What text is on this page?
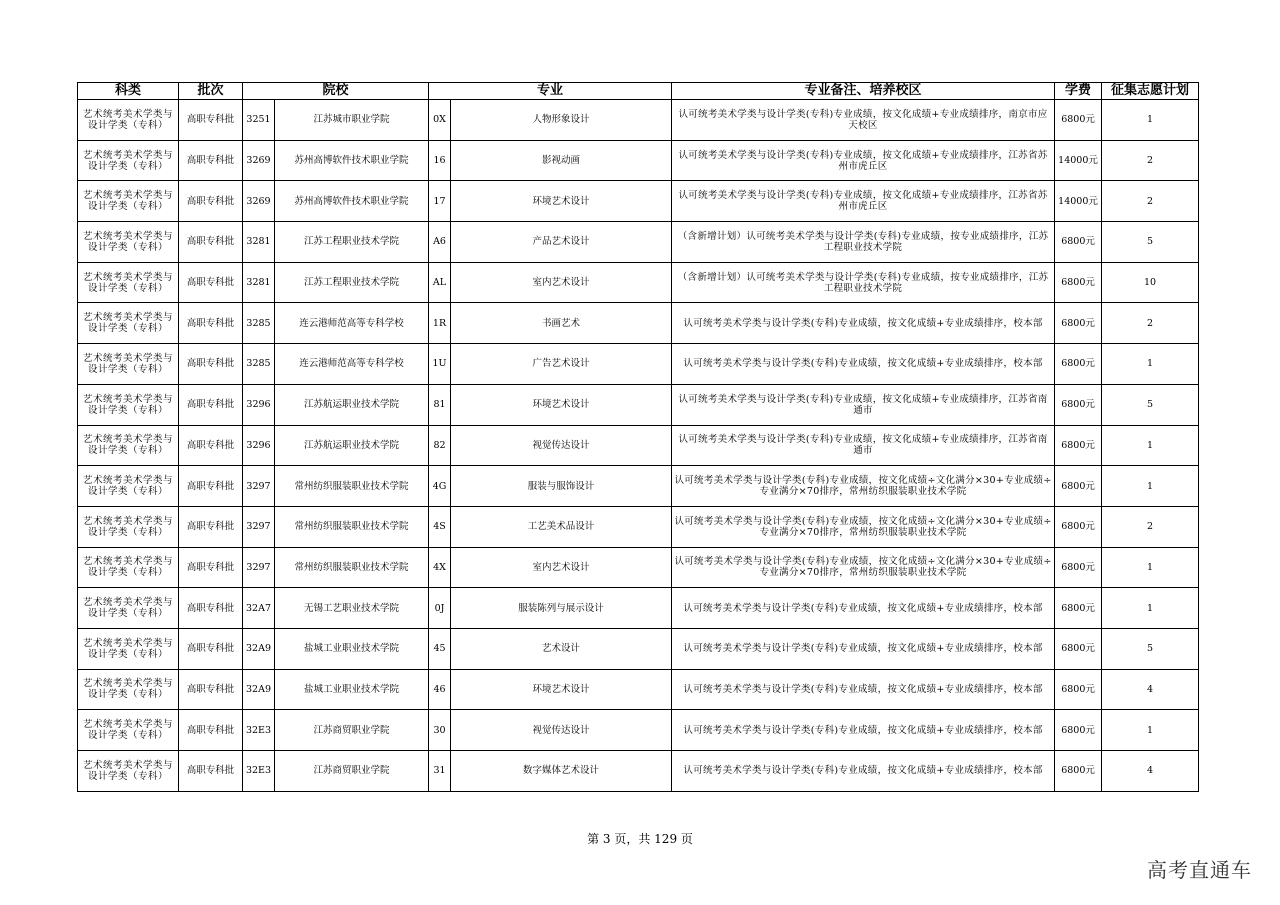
科类	批次	院校		专业		专业备注、培养校区	学费	征集志愿计划
艺术统考美术学类与设计学类（专科）	高职专科批	3251	江苏城市职业学院	0X	人物形象设计	认可统考美术学类与设计学类(专科)专业成绩，按文化成绩+专业成绩排序，南京市应天校区	6800元	1
艺术统考美术学类与设计学类（专科）	高职专科批	3269	苏州高博软件技术职业学院	16	影视动画	认可统考美术学类与设计学类(专科)专业成绩，按文化成绩+专业成绩排序，江苏省苏州市虎丘区	14000元	2
艺术统考美术学类与设计学类（专科）	高职专科批	3269	苏州高博软件技术职业学院	17	环境艺术设计	认可统考美术学类与设计学类(专科)专业成绩，按文化成绩+专业成绩排序，江苏省苏州市虎丘区	14000元	2
艺术统考美术学类与设计学类（专科）	高职专科批	3281	江苏工程职业技术学院	A6	产品艺术设计	（含新增计划）认可统考美术学类与设计学类(专科)专业成绩，按专业成绩排序，江苏工程职业技术学院	6800元	5
艺术统考美术学类与设计学类（专科）	高职专科批	3281	江苏工程职业技术学院	AL	室内艺术设计	（含新增计划）认可统考美术学类与设计学类(专科)专业成绩，按专业成绩排序，江苏工程职业技术学院	6800元	10
艺术统考美术学类与设计学类（专科）	高职专科批	3285	连云港师范高等专科学校	1R	书画艺术	认可统考美术学类与设计学类(专科)专业成绩，按文化成绩+专业成绩排序，校本部	6800元	2
艺术统考美术学类与设计学类（专科）	高职专科批	3285	连云港师范高等专科学校	1U	广告艺术设计	认可统考美术学类与设计学类(专科)专业成绩，按文化成绩+专业成绩排序，校本部	6800元	1
艺术统考美术学类与设计学类（专科）	高职专科批	3296	江苏航运职业技术学院	81	环境艺术设计	认可统考美术学类与设计学类(专科)专业成绩，按文化成绩+专业成绩排序，江苏省南通市	6800元	5
艺术统考美术学类与设计学类（专科）	高职专科批	3296	江苏航运职业技术学院	82	视觉传达设计	认可统考美术学类与设计学类(专科)专业成绩，按文化成绩+专业成绩排序，江苏省南通市	6800元	1
艺术统考美术学类与设计学类（专科）	高职专科批	3297	常州纺织服装职业技术学院	4G	服装与服饰设计	认可统考美术学类与设计学类(专科)专业成绩，按文化成绩÷文化满分×30+专业成绩÷专业满分×70排序，常州纺织服装职业技术学院	6800元	1
艺术统考美术学类与设计学类（专科）	高职专科批	3297	常州纺织服装职业技术学院	4S	工艺美术品设计	认可统考美术学类与设计学类(专科)专业成绩，按文化成绩÷文化满分×30+专业成绩÷专业满分×70排序，常州纺织服装职业技术学院	6800元	2
艺术统考美术学类与设计学类（专科）	高职专科批	3297	常州纺织服装职业技术学院	4X	室内艺术设计	认可统考美术学类与设计学类(专科)专业成绩，按文化成绩÷文化满分×30+专业成绩÷专业满分×70排序，常州纺织服装职业技术学院	6800元	1
艺术统考美术学类与设计学类（专科）	高职专科批	32A7	无锡工艺职业技术学院	0J	服装陈列与展示设计	认可统考美术学类与设计学类(专科)专业成绩，按文化成绩+专业成绩排序，校本部	6800元	1
艺术统考美术学类与设计学类（专科）	高职专科批	32A9	盐城工业职业技术学院	45	艺术设计	认可统考美术学类与设计学类(专科)专业成绩，按文化成绩+专业成绩排序，校本部	6800元	5
艺术统考美术学类与设计学类（专科）	高职专科批	32A9	盐城工业职业技术学院	46	环境艺术设计	认可统考美术学类与设计学类(专科)专业成绩，按文化成绩+专业成绩排序，校本部	6800元	4
艺术统考美术学类与设计学类（专科）	高职专科批	32E3	江苏商贸职业学院	30	视觉传达设计	认可统考美术学类与设计学类(专科)专业成绩，按文化成绩+专业成绩排序，校本部	6800元	1
艺术统考美术学类与设计学类（专科）	高职专科批	32E3	江苏商贸职业学院	31	数字媒体艺术设计	认可统考美术学类与设计学类(专科)专业成绩，按文化成绩+专业成绩排序，校本部	6800元	4
第 3 页，共 129 页
高考直通车
